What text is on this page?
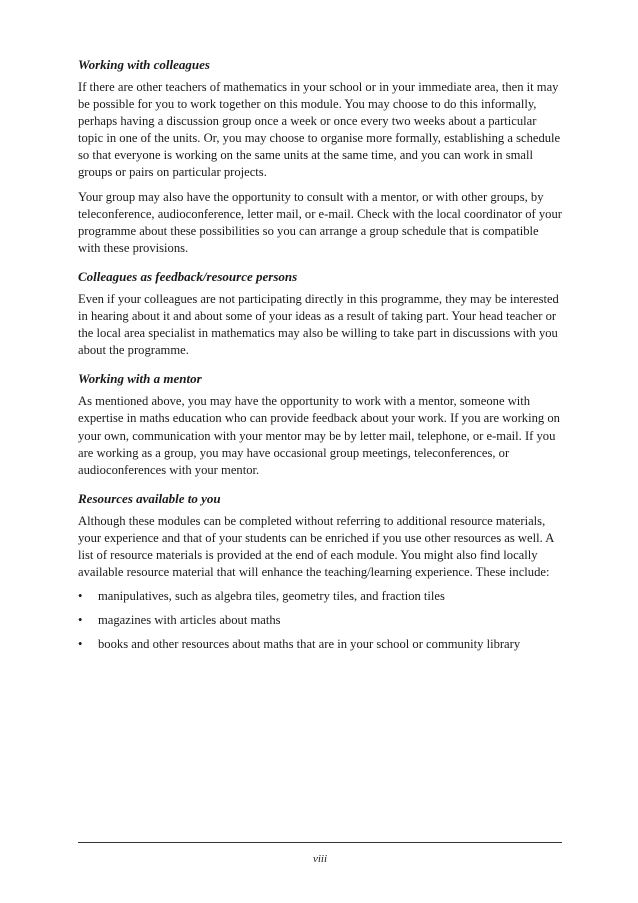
Working with colleagues

If there are other teachers of mathematics in your school or in your immediate area, then it may be possible for you to work together on this module. You may choose to do this informally, perhaps having a discussion group once a week or once every two weeks about a particular topic in one of the units. Or, you may choose to organise more formally, establishing a schedule so that everyone is working on the same units at the same time, and you can work in small groups or pairs on particular projects.

Your group may also have the opportunity to consult with a mentor, or with other groups, by teleconference, audioconference, letter mail, or e-mail. Check with the local coordinator of your programme about these possibilities so you can arrange a group schedule that is compatible with these provisions.

Colleagues as feedback/resource persons

Even if your colleagues are not participating directly in this programme, they may be interested in hearing about it and about some of your ideas as a result of taking part. Your head teacher or the local area specialist in mathematics may also be willing to take part in discussions with you about the programme.

Working with a mentor

As mentioned above, you may have the opportunity to work with a mentor, someone with expertise in maths education who can provide feedback about your work. If you are working on your own, communication with your mentor may be by letter mail, telephone, or e-mail. If you are working as a group, you may have occasional group meetings, teleconferences, or audioconferences with your mentor.

Resources available to you

Although these modules can be completed without referring to additional resource materials, your experience and that of your students can be enriched if you use other resources as well. A list of resource materials is provided at the end of each module. You might also find locally available resource material that will enhance the teaching/learning experience. These include:

•	manipulatives, such as algebra tiles, geometry tiles, and fraction tiles
•	magazines with articles about maths
•	books and other resources about maths that are in your school or community library
viii
